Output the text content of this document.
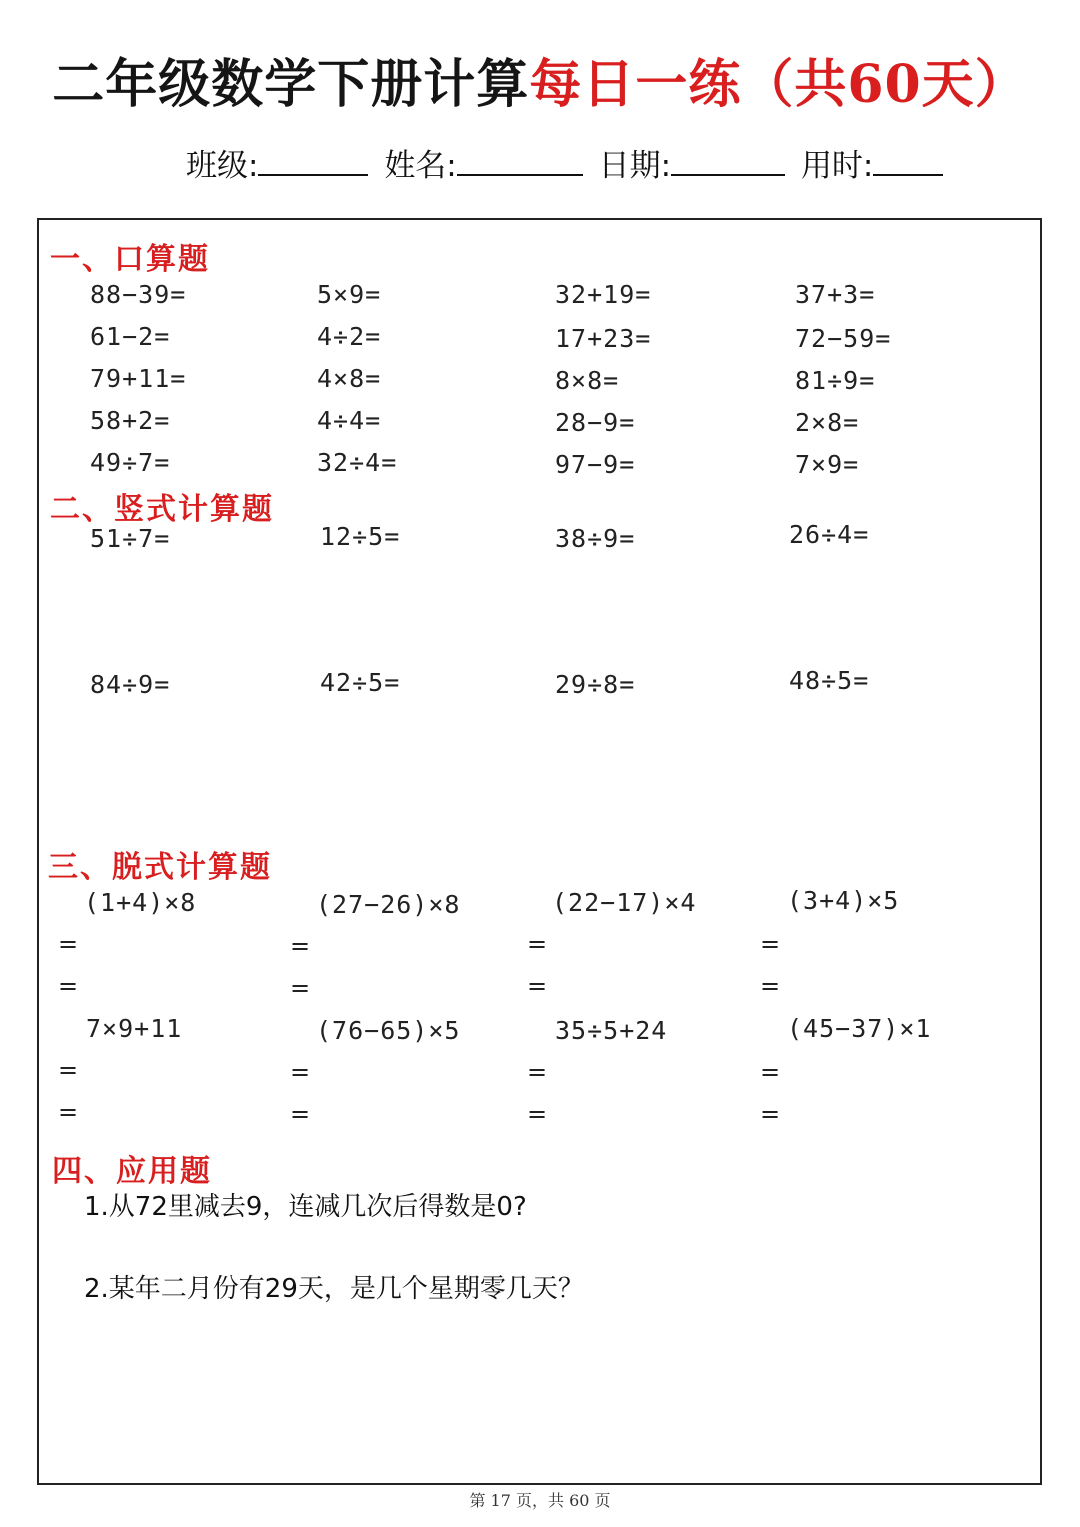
二年级数学下册计算每日一练（共60天）
班级:	姓名:	日期:	用时:
一、口算题
88−39=	5×9=	32+19=	37+3=
61−2=	4÷2=	17+23=	72−59=
79+11=	4×8=	8×8=	81÷9=
58+2=	4÷4=	28−9=	2×8=
49÷7=	32÷4=	97−9=	7×9=
二、竖式计算题
51÷7=	12÷5=	38÷9=	26÷4=
84÷9=	42÷5=	29÷8=	48÷5=
三、脱式计算题
(1+4)×8	(27−26)×8	(22−17)×4	(3+4)×5
=	=	=	=
=	=	=	=
7×9+11	(76−65)×5	35÷5+24	(45−37)×1
=	=	=	=
=	=	=	=
四、应用题
1.从72里减去9，连减几次后得数是0?
2.某年二月份有29天，是几个星期零几天？
第 17 页，共 60 页
